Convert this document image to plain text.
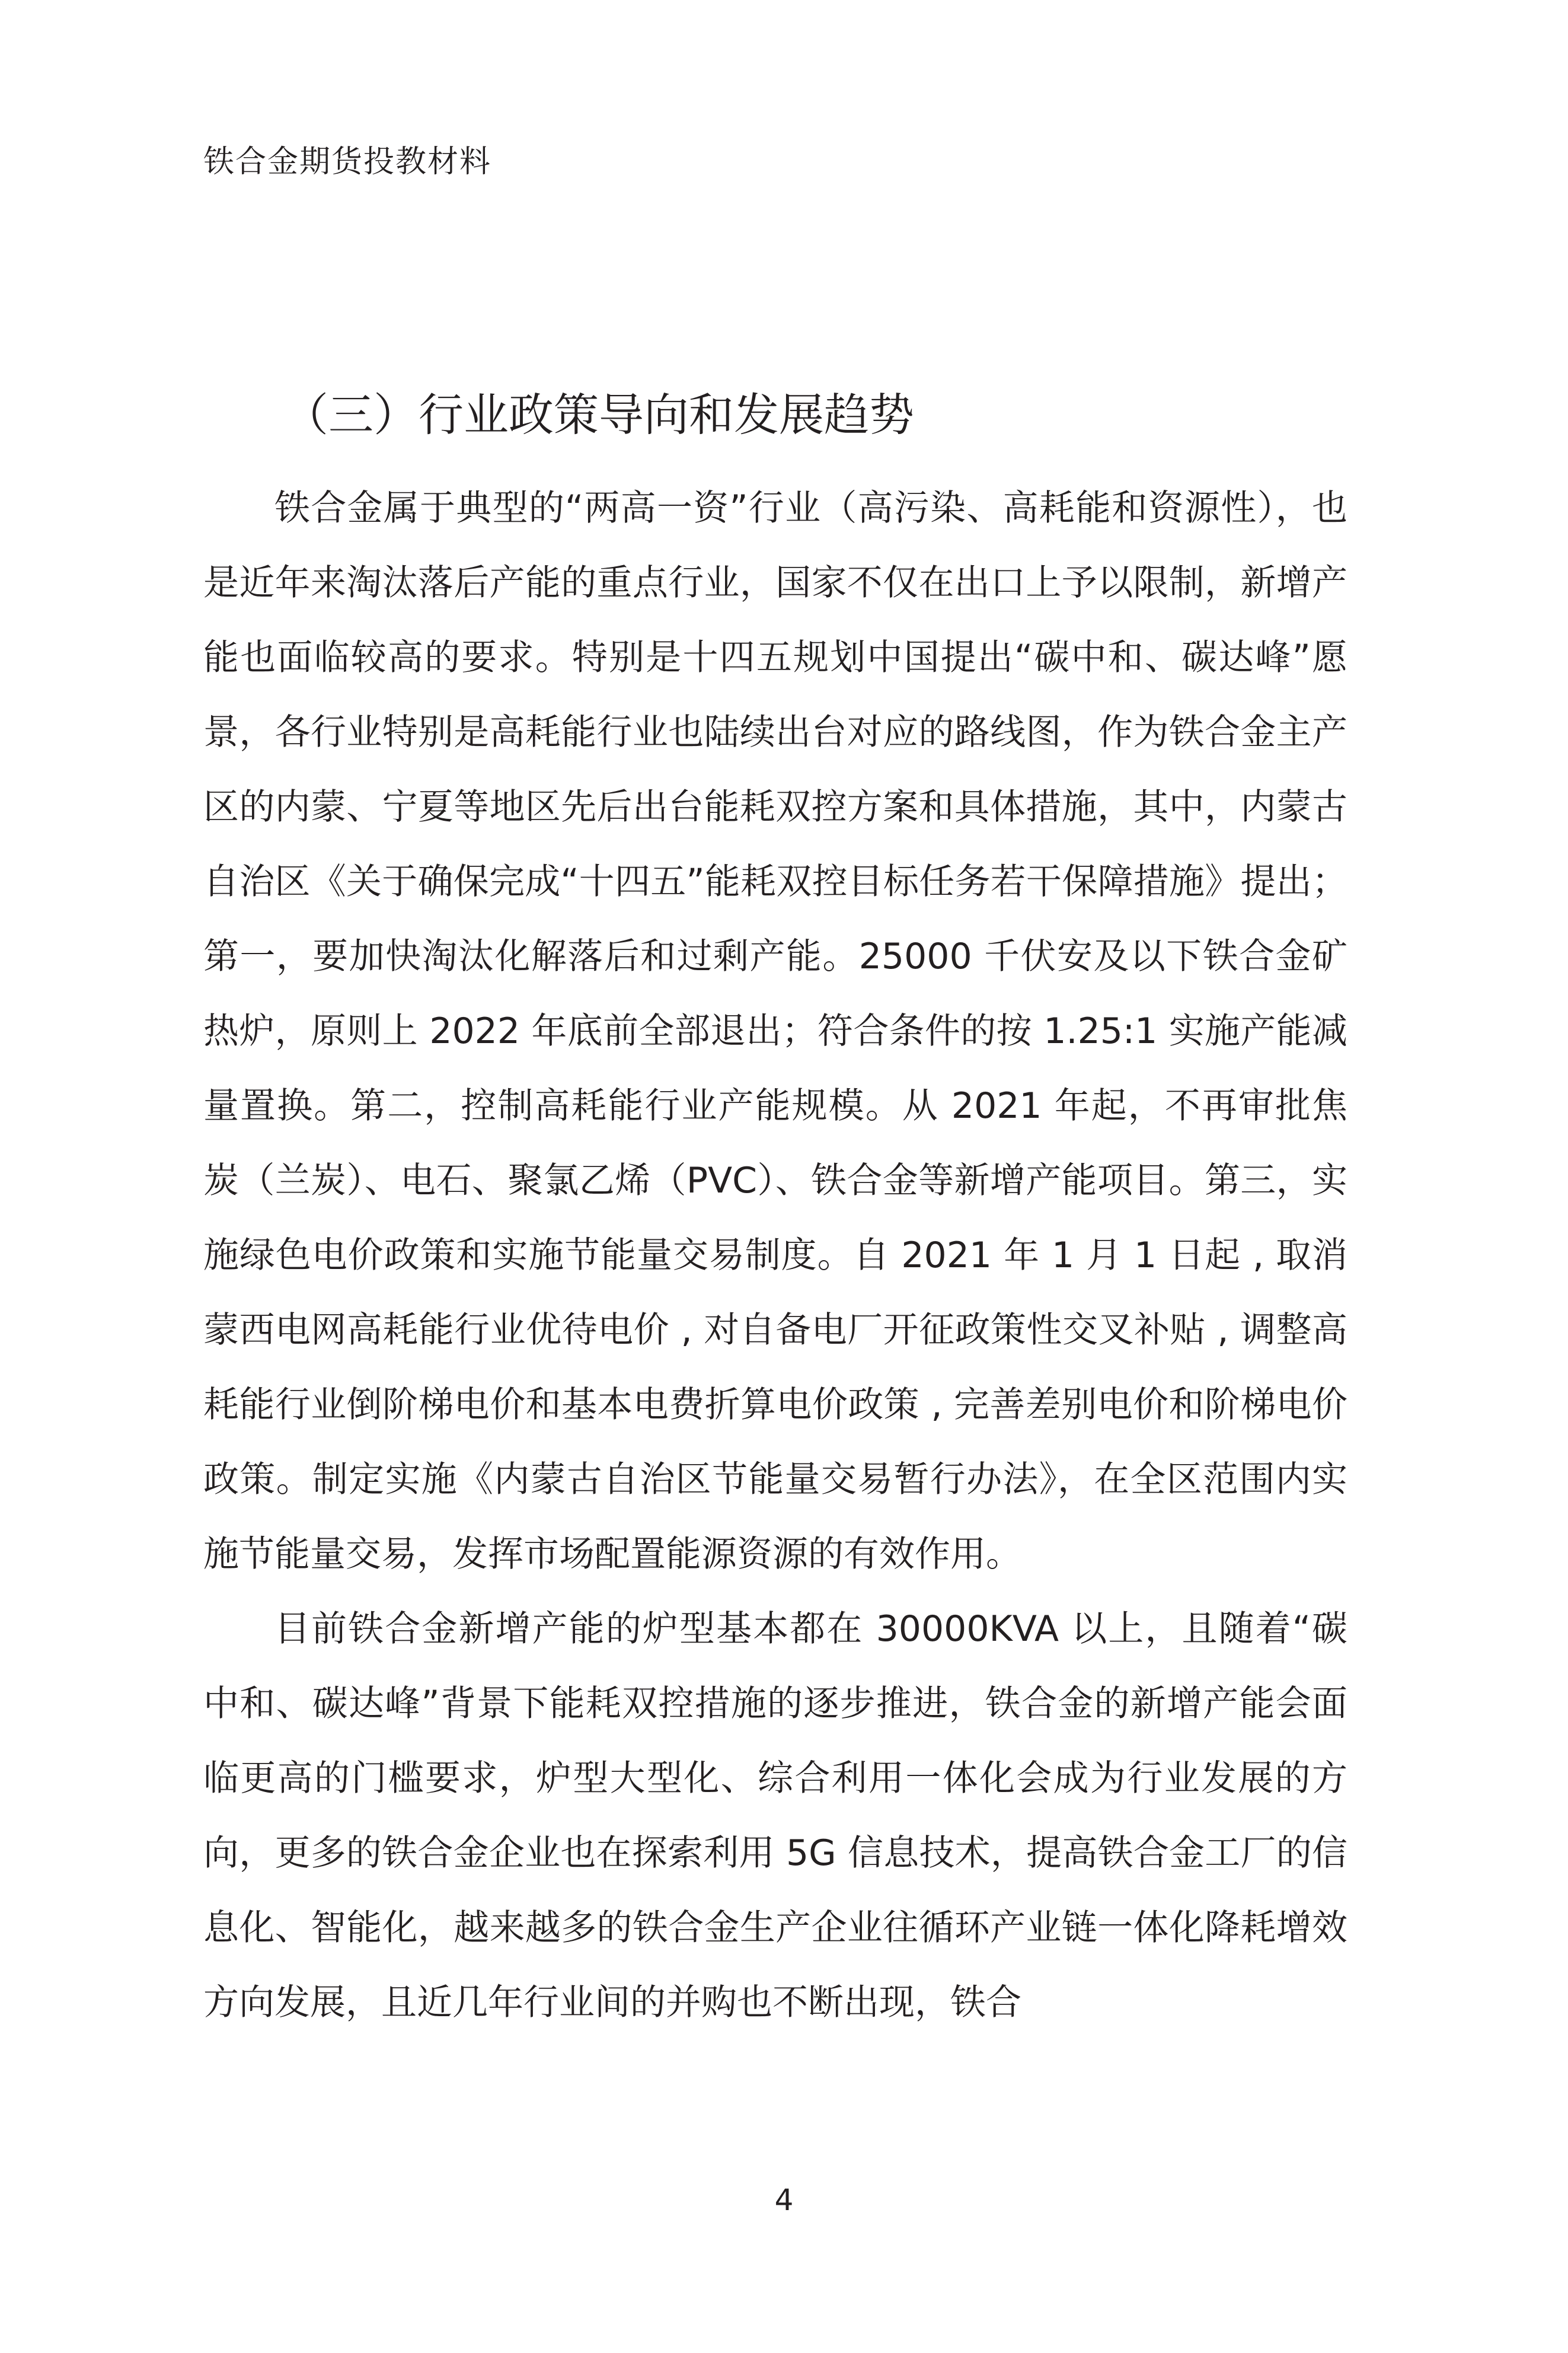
铁合金期货投教材料
（三）行业政策导向和发展趋势

铁合金属于典型的“两高一资”行业（高污染、高耗能和资源性），也是近年来淘汰落后产能的重点行业，国家不仅在出口上予以限制，新增产能也面临较高的要求。特别是十四五规划中国提出“碳中和、碳达峰”愿景，各行业特别是高耗能行业也陆续出台对应的路线图，作为铁合金主产区的内蒙、宁夏等地区先后出台能耗双控方案和具体措施，其中，内蒙古自治区《关于确保完成“十四五”能耗双控目标任务若干保障措施》提出；第一，要加快淘汰化解落后和过剩产能。25000 千伏安及以下铁合金矿热炉，原则上 2022 年底前全部退出；符合条件的按 1.25:1 实施产能减量置换。第二，控制高耗能行业产能规模。从 2021 年起，不再审批焦炭（兰炭）、电石、聚氯乙烯（PVC）、铁合金等新增产能项目。第三，实施绿色电价政策和实施节能量交易制度。自 2021 年 1 月 1 日起 , 取消蒙西电网高耗能行业优待电价 , 对自备电厂开征政策性交叉补贴 , 调整高耗能行业倒阶梯电价和基本电费折算电价政策 , 完善差别电价和阶梯电价政策。制定实施《内蒙古自治区节能量交易暂行办法》，在全区范围内实施节能量交易，发挥市场配置能源资源的有效作用。

目前铁合金新增产能的炉型基本都在 30000KVA 以上，且随着“碳中和、碳达峰”背景下能耗双控措施的逐步推进，铁合金的新增产能会面临更高的门槛要求，炉型大型化、综合利用一体化会成为行业发展的方向，更多的铁合金企业也在探索利用 5G 信息技术，提高铁合金工厂的信息化、智能化，越来越多的铁合金生产企业往循环产业链一体化降耗增效方向发展，且近几年行业间的并购也不断出现，铁合

4
